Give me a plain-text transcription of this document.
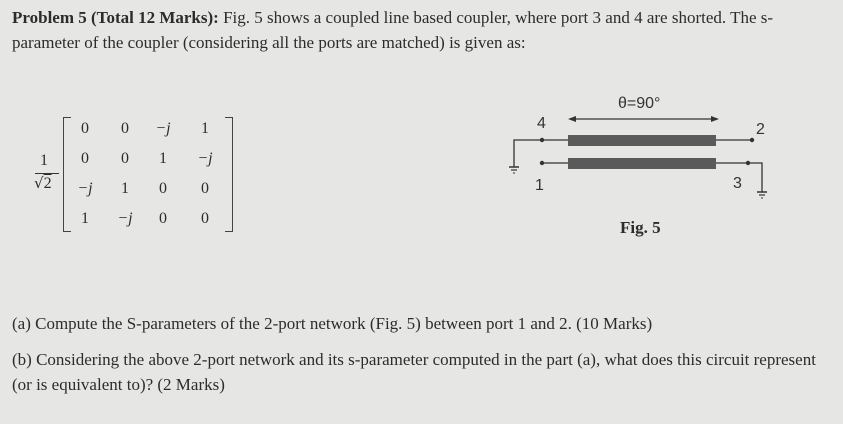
Problem 5 (Total 12 Marks): Fig. 5 shows a coupled line based coupler, where port 3 and 4 are shorted. The s-parameter of the coupler (considering all the ports are matched) is given as:

1
√2
0	0	−j	1
0	0	1	−j
−j	1	0	0
1	−j	0	0
θ=90°
4	2
1	3
Fig. 5

(a) Compute the S-parameters of the 2-port network (Fig. 5) between port 1 and 2. (10 Marks)

(b) Considering the above 2-port network and its s-parameter computed in the part (a), what does this circuit represent (or is equivalent to)? (2 Marks)
